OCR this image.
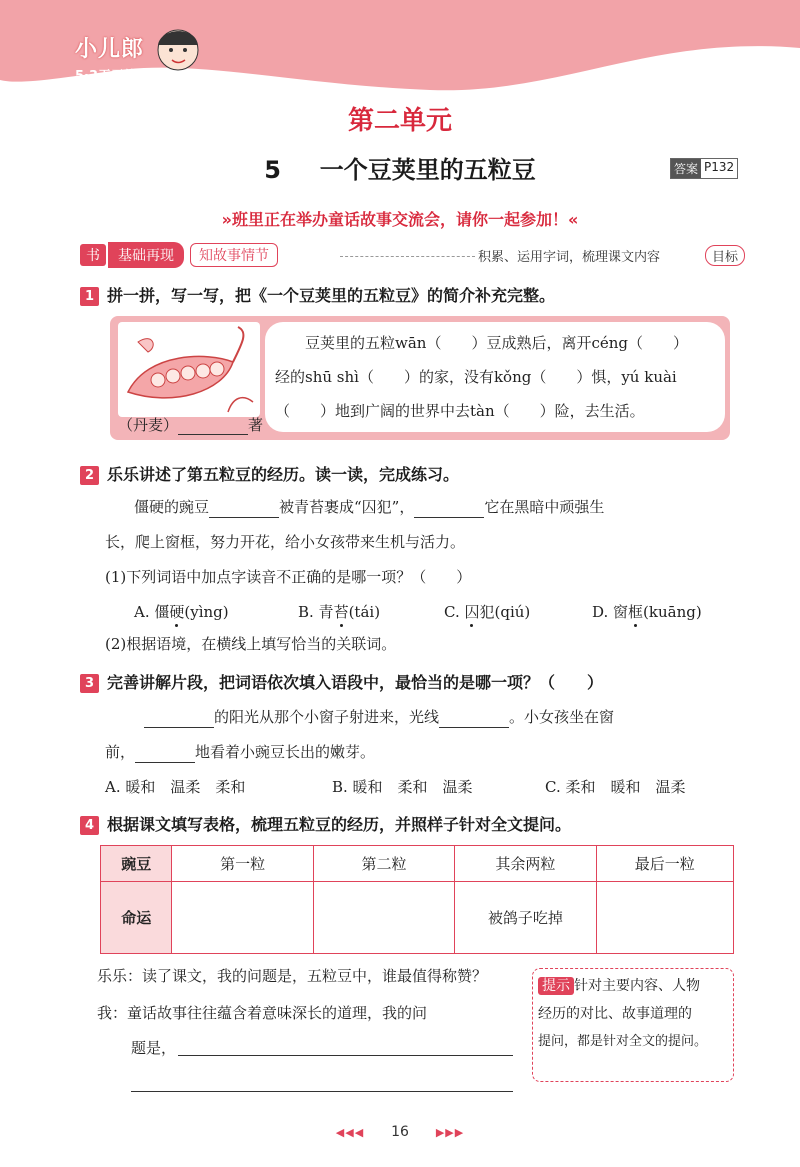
小儿郎
5·3天天练
第二单元
5 一个豆荚里的五粒豆	答案 P132
»班里正在举办童话故事交流会，请你一起参加！«
书	基础再现	知故事情节	积累、运用字词，梳理课文内容	目标
1 拼一拼，写一写，把《一个豆荚里的五粒豆》的简介补充完整。
（丹麦）	著
豆荚里的五粒wān（　　）豆成熟后，离开céng（　　）
经的shū shì（　　）的家，没有kǒng（　　）惧，yú kuài
（　　）地到广阔的世界中去tàn（　　）险，去生活。
2 乐乐讲述了第五粒豆的经历。读一读，完成练习。
僵硬的豌豆	被青苔裹成“囚犯”，	它在黑暗中顽强生
长，爬上窗框，努力开花，给小女孩带来生机与活力。
(1)下列词语中加点字读音不正确的是哪一项？（　　）
A. 僵硬(yìng)	B. 青苔(tái)	C. 囚犯(qiú)	D. 窗框(kuāng)
(2)根据语境，在横线上填写恰当的关联词。
3 完善讲解片段，把词语依次填入语段中，最恰当的是哪一项？（　　）
的阳光从那个小窗子射进来，光线	。小女孩坐在窗
前，	地看着小豌豆长出的嫩芽。
A. 暖和　温柔　柔和	B. 暖和　柔和　温柔	C. 柔和　暖和　温柔
4 根据课文填写表格，梳理五粒豆的经历，并照样子针对全文提问。
豌豆	第一粒	第二粒	其余两粒	最后一粒
命运			被鸽子吃掉	
乐乐：读了课文，我的问题是，五粒豆中，谁最值得称赞？
我：童话故事往往蕴含着意味深长的道理，我的问
题是，
提示 针对主要内容、人物
经历的对比、故事道理的
提问，都是针对全文的提问。
◀◀◀ 16 ▶▶▶
